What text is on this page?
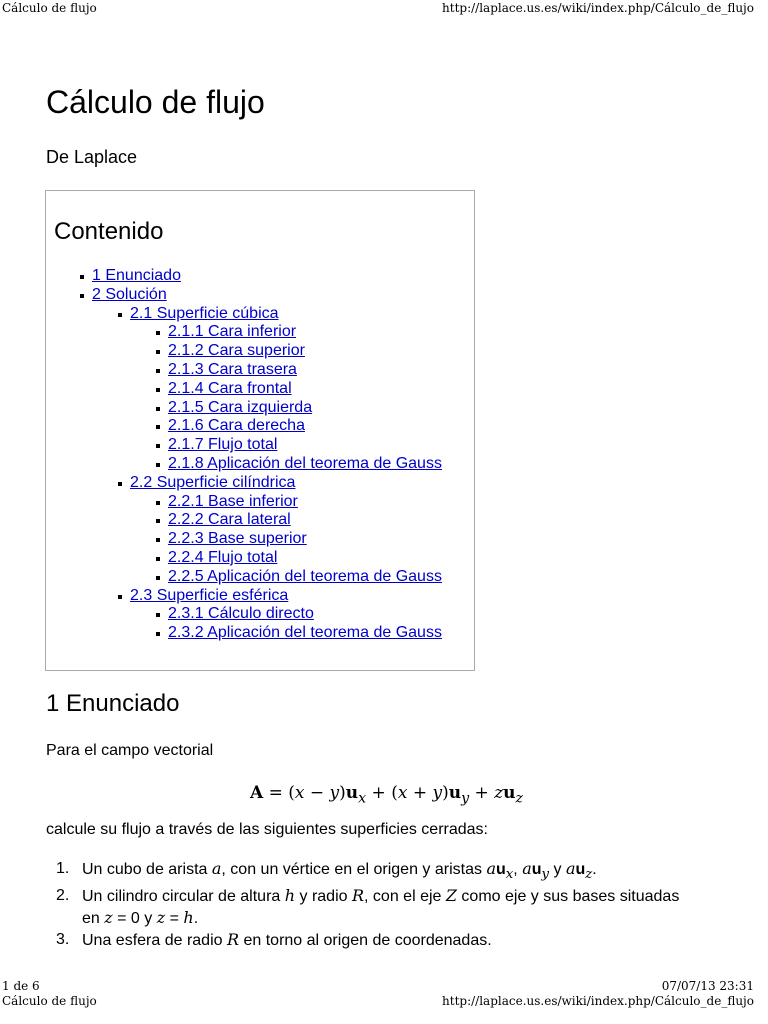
Cálculo de flujo	http://laplace.us.es/wiki/index.php/Cálculo_de_flujo
Cálculo de flujo
De Laplace
Contenido
1 Enunciado
2 Solución
2.1 Superficie cúbica
2.1.1 Cara inferior
2.1.2 Cara superior
2.1.3 Cara trasera
2.1.4 Cara frontal
2.1.5 Cara izquierda
2.1.6 Cara derecha
2.1.7 Flujo total
2.1.8 Aplicación del teorema de Gauss
2.2 Superficie cilíndrica
2.2.1 Base inferior
2.2.2 Cara lateral
2.2.3 Base superior
2.2.4 Flujo total
2.2.5 Aplicación del teorema de Gauss
2.3 Superficie esférica
2.3.1 Cálculo directo
2.3.2 Aplicación del teorema de Gauss
1 Enunciado
Para el campo vectorial
$A = (x - y)u_x + (x + y)u_y + zu_z$
calcule su flujo a través de las siguientes superficies cerradas:
1. Un cubo de arista a, con un vértice en el origen y aristas $au_x$, $au_y$ y $au_z$.
2. Un cilindro circular de altura h y radio R, con el eje Z como eje y sus bases situadas en z = 0 y z = h.
3. Una esfera de radio R en torno al origen de coordenadas.
1 de 6	07/07/13 23:31
Cálculo de flujo	http://laplace.us.es/wiki/index.php/Cálculo_de_flujo
